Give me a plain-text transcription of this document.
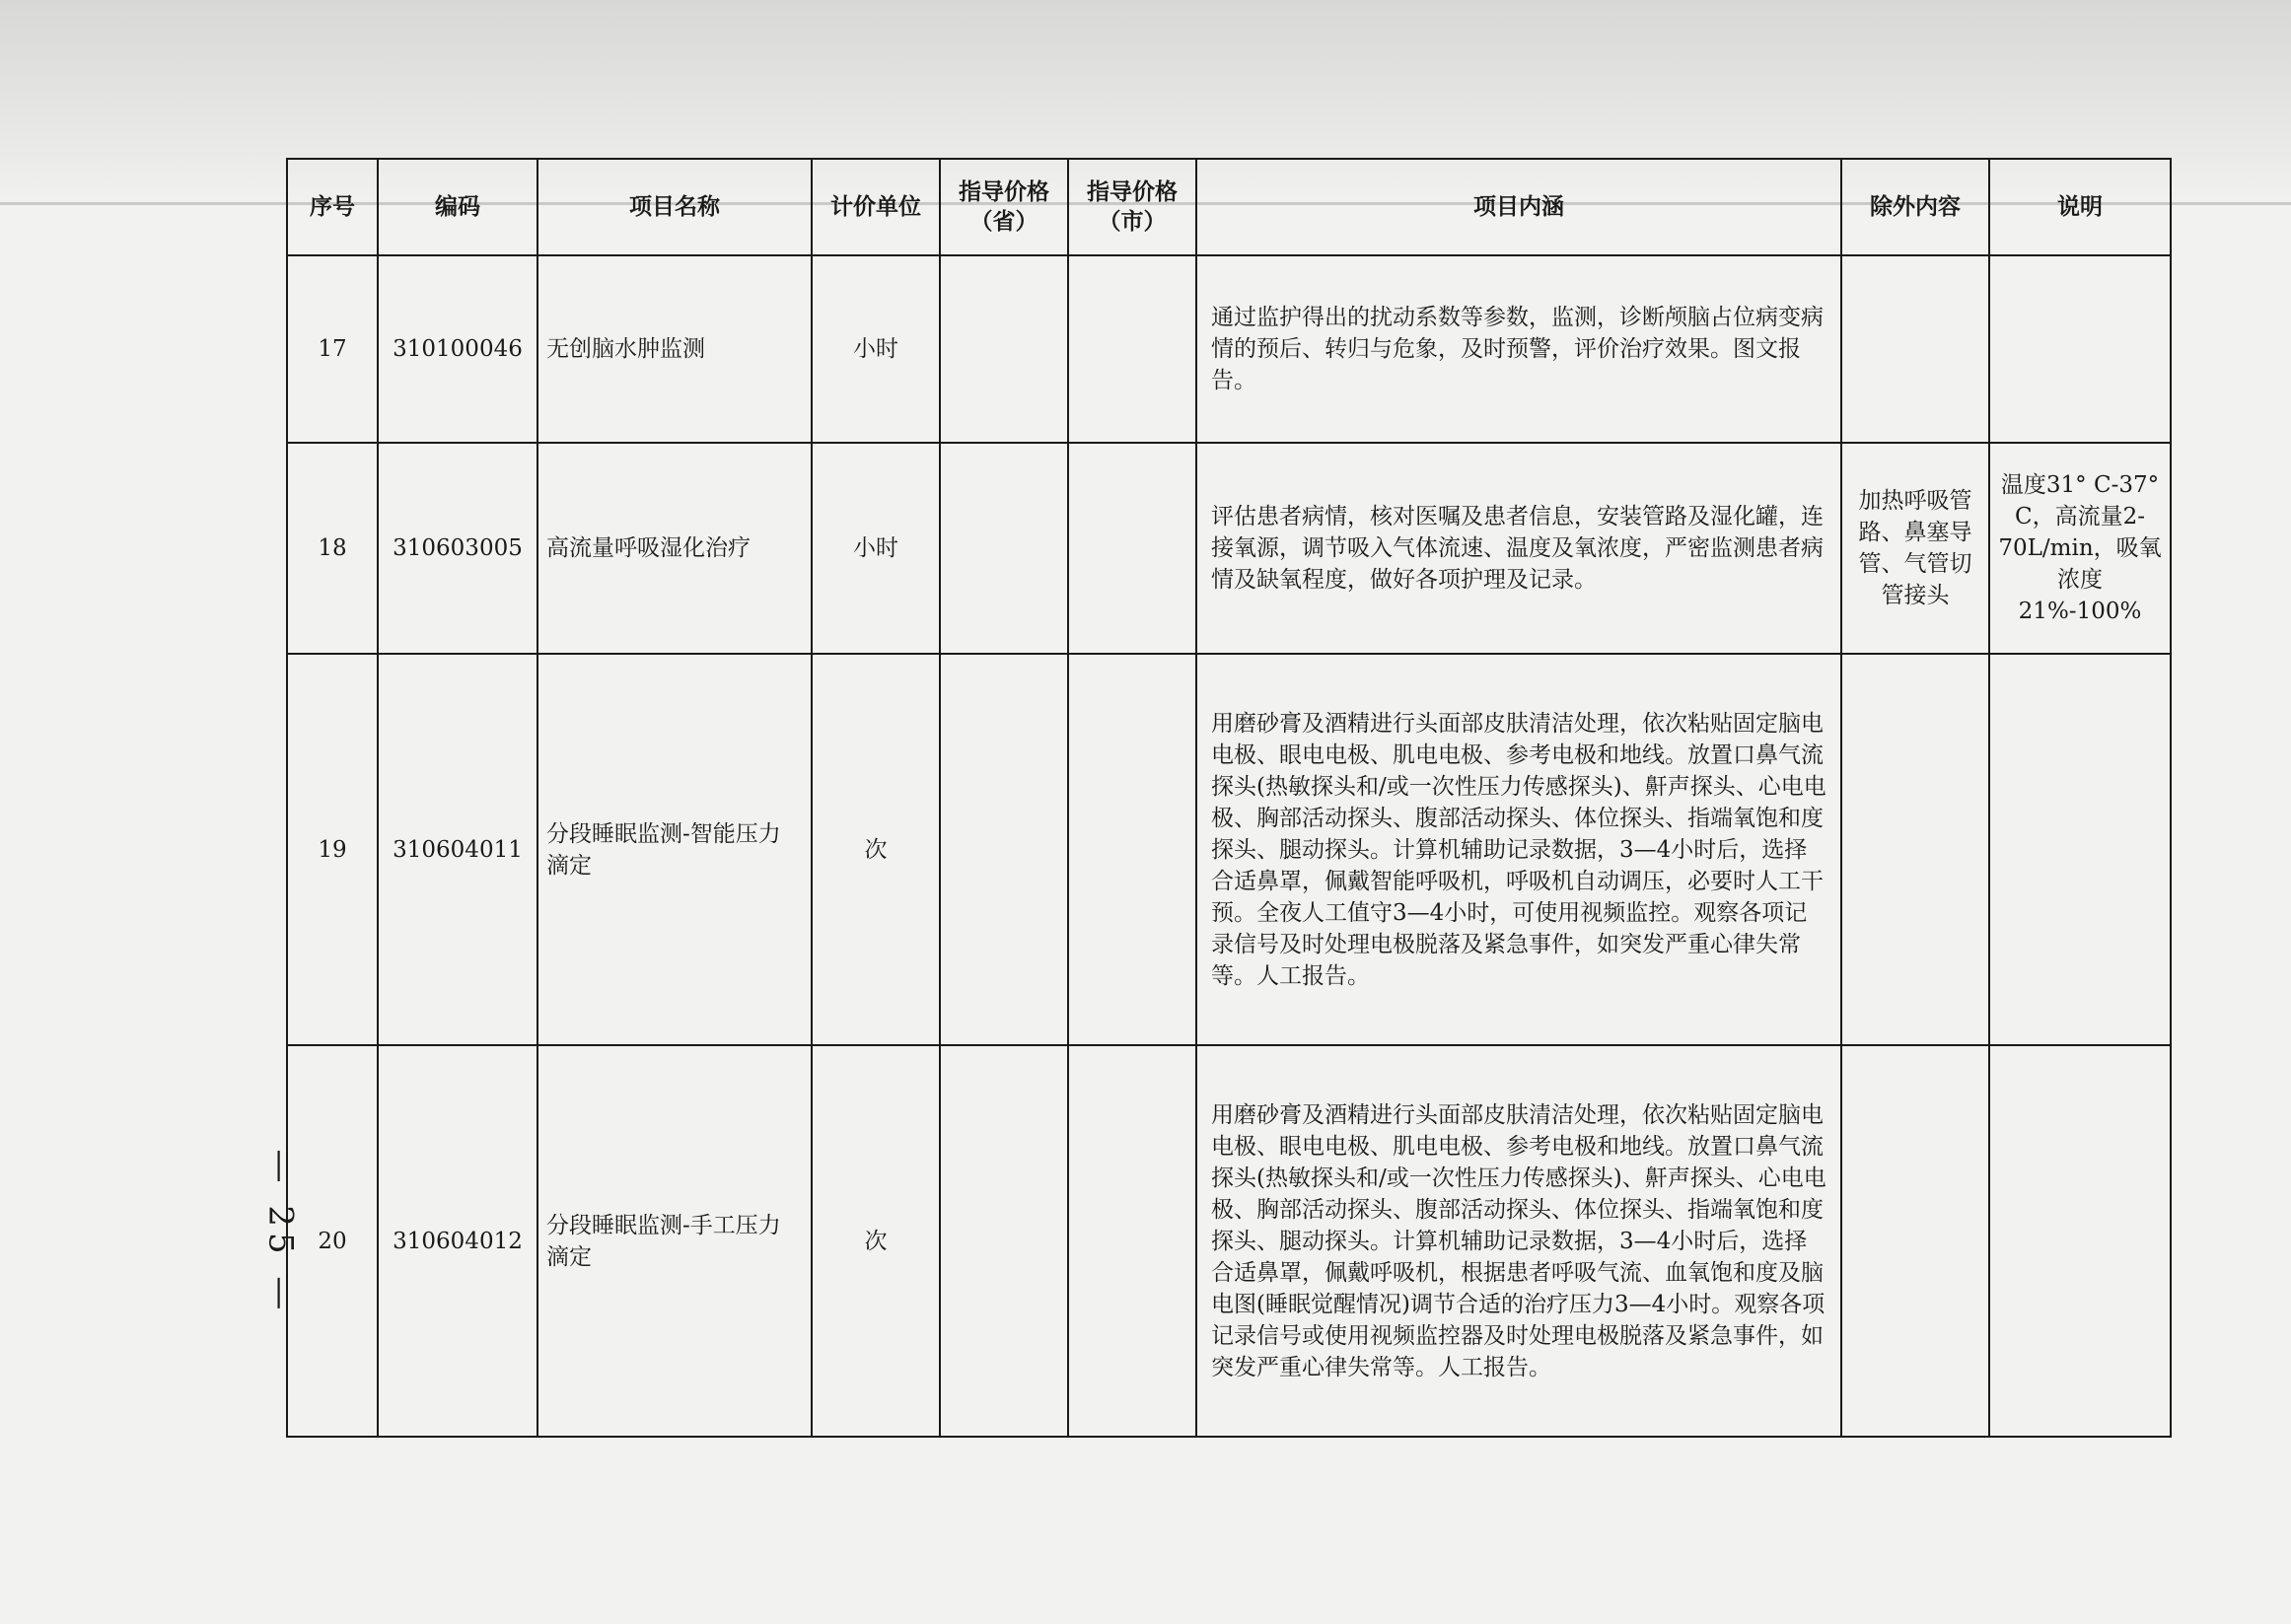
— 25 —
序号	编码	项目名称	计价单位	指导价格（省）	指导价格（市）	项目内涵	除外内容	说明
17	310100046	无创脑水肿监测	小时			通过监护得出的扰动系数等参数，监测，诊断颅脑占位病变病情的预后、转归与危象，及时预警，评价治疗效果。图文报告。		
18	310603005	高流量呼吸湿化治疗	小时			评估患者病情，核对医嘱及患者信息，安装管路及湿化罐，连接氧源，调节吸入气体流速、温度及氧浓度，严密监测患者病情及缺氧程度，做好各项护理及记录。	加热呼吸管路、鼻塞导管、气管切管接头	温度31° C-37° C，高流量2-70L/min，吸氧浓度21%-100%
19	310604011	分段睡眠监测-智能压力滴定	次			用磨砂膏及酒精进行头面部皮肤清洁处理，依次粘贴固定脑电电极、眼电电极、肌电电极、参考电极和地线。放置口鼻气流探头(热敏探头和/或一次性压力传感探头)、鼾声探头、心电电极、胸部活动探头、腹部活动探头、体位探头、指端氧饱和度探头、腿动探头。计算机辅助记录数据，3—4小时后，选择合适鼻罩，佩戴智能呼吸机，呼吸机自动调压，必要时人工干预。全夜人工值守3—4小时，可使用视频监控。观察各项记录信号及时处理电极脱落及紧急事件，如突发严重心律失常等。人工报告。		
20	310604012	分段睡眠监测-手工压力滴定	次			用磨砂膏及酒精进行头面部皮肤清洁处理，依次粘贴固定脑电电极、眼电电极、肌电电极、参考电极和地线。放置口鼻气流探头(热敏探头和/或一次性压力传感探头)、鼾声探头、心电电极、胸部活动探头、腹部活动探头、体位探头、指端氧饱和度探头、腿动探头。计算机辅助记录数据，3—4小时后，选择合适鼻罩，佩戴呼吸机，根据患者呼吸气流、血氧饱和度及脑电图(睡眠觉醒情况)调节合适的治疗压力3—4小时。观察各项记录信号或使用视频监控器及时处理电极脱落及紧急事件，如突发严重心律失常等。人工报告。		
